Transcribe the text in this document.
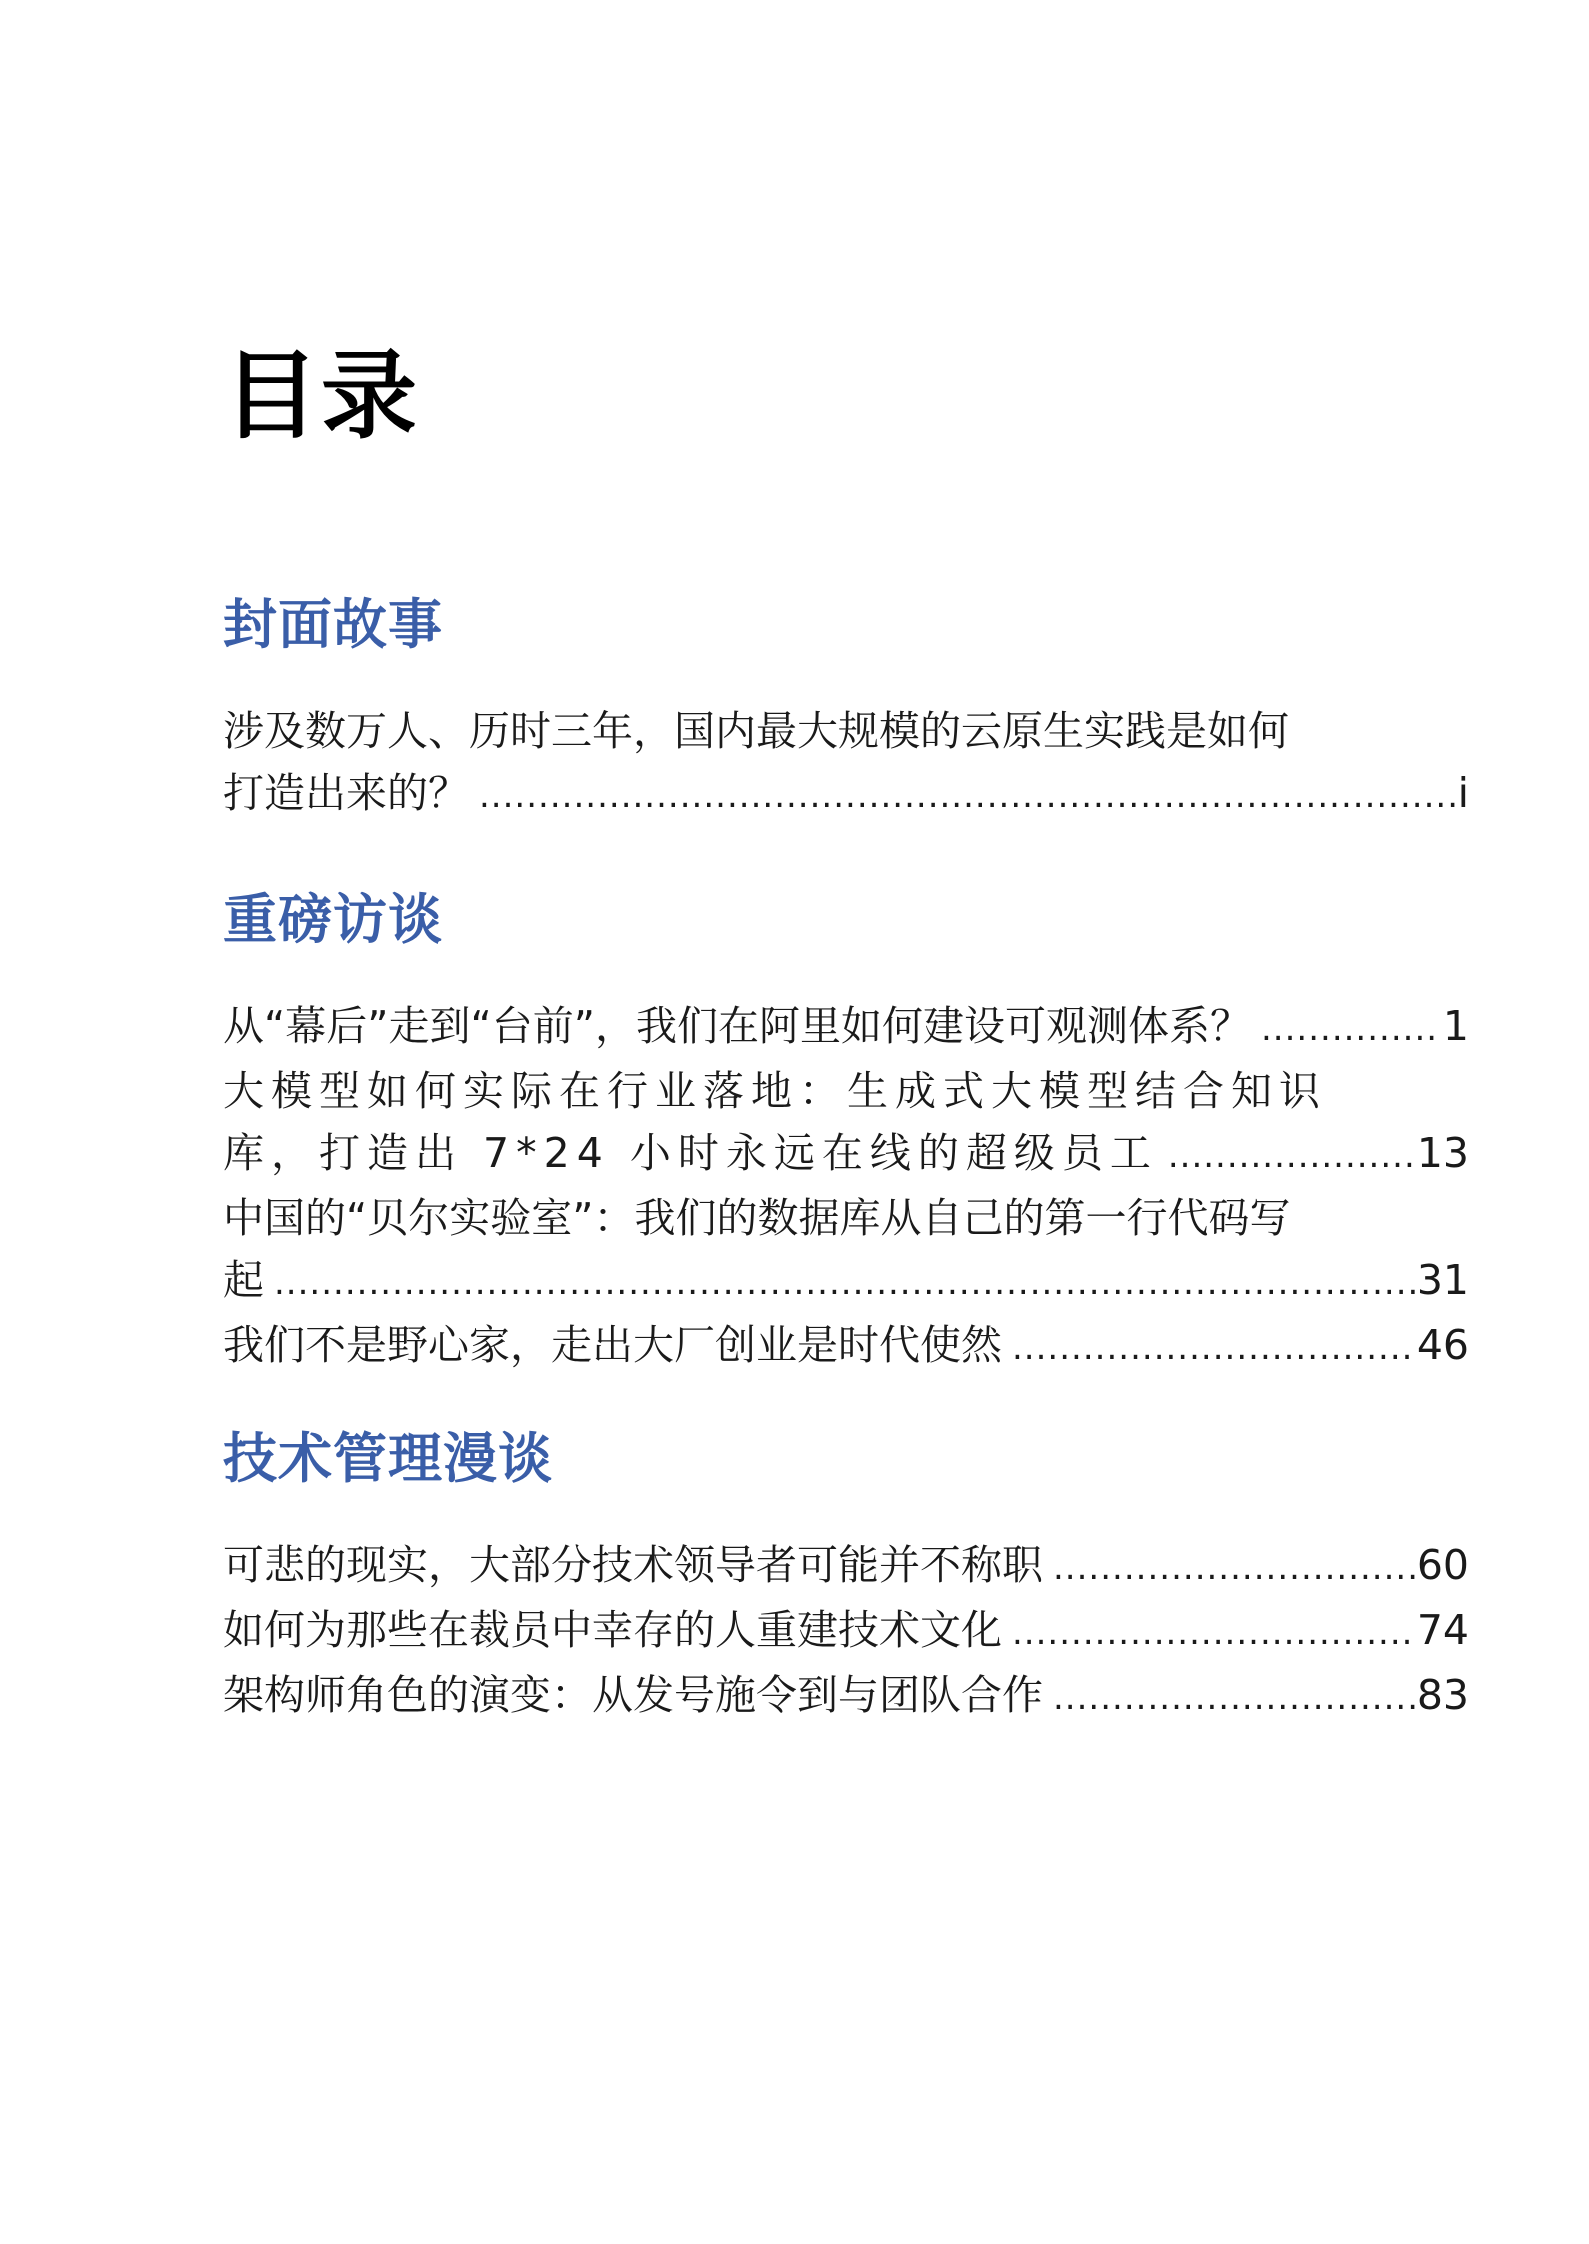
目录
封面故事
涉及数万人、历时三年，国内最大规模的云原生实践是如何
打造出来的？ .....	i
重磅访谈
从“幕后”走到“台前”，我们在阿里如何建设可观测体系？ .....	1
大模型如何实际在行业落地：生成式大模型结合知识
库，打造出 7*24 小时永远在线的超级员工 .....	13
中国的“贝尔实验室”：我们的数据库从自己的第一行代码写
起 .....	31
我们不是野心家，走出大厂创业是时代使然 .....	46
技术管理漫谈
可悲的现实，大部分技术领导者可能并不称职 .....	60
如何为那些在裁员中幸存的人重建技术文化 .....	74
架构师角色的演变：从发号施令到与团队合作 .....	83
